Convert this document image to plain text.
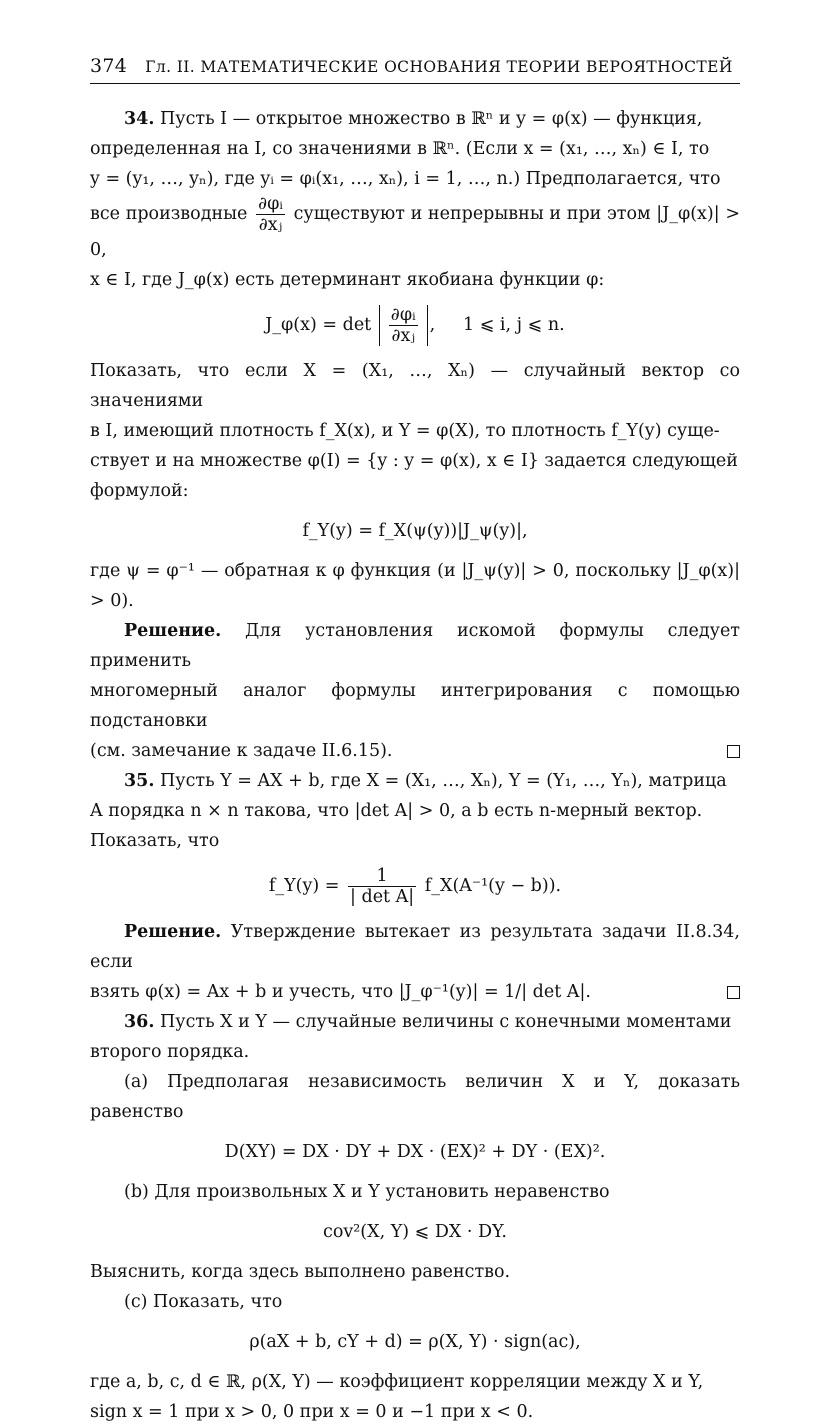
374 Гл. II. МАТЕМАТИЧЕСКИЕ ОСНОВАНИЯ ТЕОРИИ ВЕРОЯТНОСТЕЙ

34. Пусть I — открытое множество в ℝⁿ и y = φ(x) — функция,

определенная на I, со значениями в ℝⁿ. (Если x = (x₁, …, xₙ) ∈ I, то

y = (y₁, …, yₙ), где yᵢ = φᵢ(x₁, …, xₙ), i = 1, …, n.) Предполагается, что

все производные $\frac{\text{∂φᵢ}}{\text{∂xⱼ}}$ существуют и непрерывны и при этом |J_φ(x)| > 0,

x ∈ I, где J_φ(x) есть детерминант якобиана функции φ:

J_φ(x) = $\det \frac{\text{∂φᵢ}}{\text{∂xⱼ}}$ ,     1 ⩽ i, j ⩽ n.

Показать, что если X = (X₁, …, Xₙ) — случайный вектор со значениями

в I, имеющий плотность f_X(x), и Y = φ(X), то плотность f_Y(y) суще-

ствует и на множестве φ(I) = {y : y = φ(x), x ∈ I} задается следующей

формулой:

f_Y(y) = f_X(ψ(y))|J_ψ(y)|,

где ψ = φ⁻¹ — обратная к φ функция (и |J_ψ(y)| > 0, поскольку |J_φ(x)| > 0).

Решение. Для установления искомой формулы следует применить

многомерный аналог формулы интегрирования с помощью подстановки

(см. замечание к задаче II.6.15).

35. Пусть Y = AX + b, где X = (X₁, …, Xₙ), Y = (Y₁, …, Yₙ), матрица

A порядка n × n такова, что |det A| > 0, а b есть n-мерный вектор.

Показать, что

f_Y(y) = $\frac{1}{\text{| det A|}}$ f_X(A⁻¹(y − b)).

Решение. Утверждение вытекает из результата задачи II.8.34, если

взять φ(x) = Ax + b и учесть, что |J_φ⁻¹(y)| = 1/| det A|.

36. Пусть X и Y — случайные величины с конечными моментами

второго порядка.

(a) Предполагая независимость величин X и Y, доказать равенство

D(XY) = DX · DY + DX · (EX)² + DY · (EX)².

(b) Для произвольных X и Y установить неравенство

cov²(X, Y) ⩽ DX · DY.

Выяснить, когда здесь выполнено равенство.

(c) Показать, что

ρ(aX + b, cY + d) = ρ(X, Y) · sign(ac),

где a, b, c, d ∈ ℝ, ρ(X, Y) — коэффициент корреляции между X и Y,

sign x = 1 при x > 0, 0 при x = 0 и −1 при x < 0.
